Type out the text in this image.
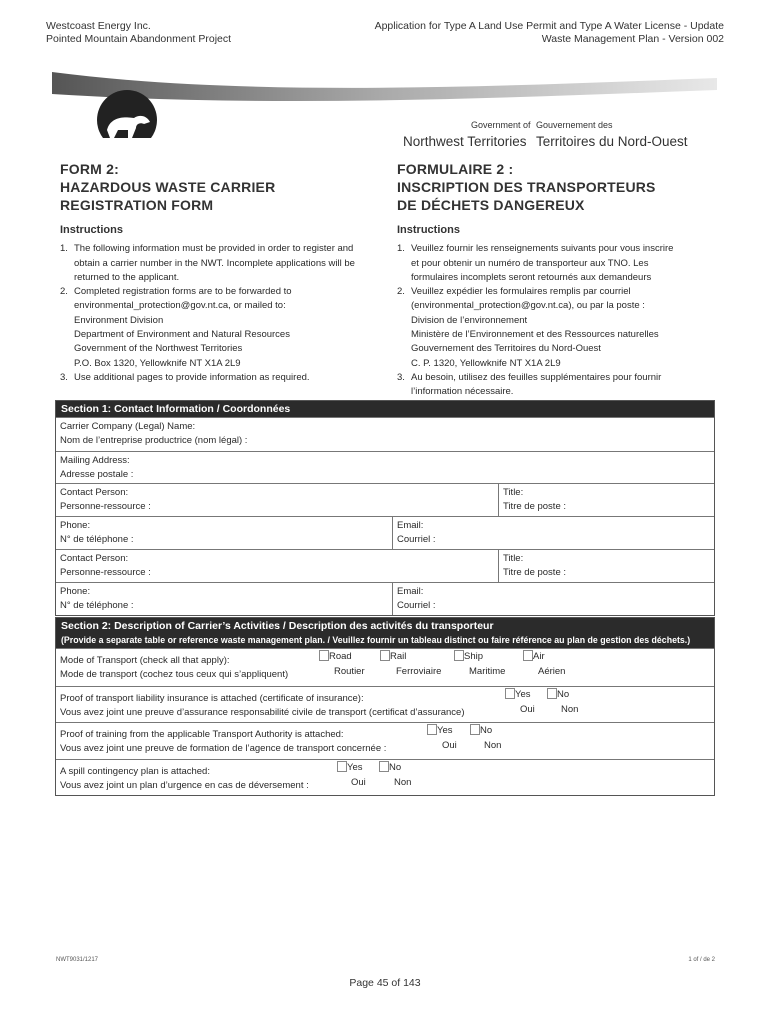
Westcoast Energy Inc.
Pointed Mountain Abandonment Project
Application for Type A Land Use Permit and Type A Water License - Update
Waste Management Plan - Version 002
Government of Gouvernement des
Northwest Territories Territoires du Nord-Ouest
FORM 2:
HAZARDOUS WASTE CARRIER
REGISTRATION FORM
Instructions
1. The following information must be provided in order to register and
obtain a carrier number in the NWT. Incomplete applications will be
returned to the applicant.
2. Completed registration forms are to be forwarded to
environmental_protection@gov.nt.ca, or mailed to:
Environment Division
Department of Environment and Natural Resources
Government of the Northwest Territories
P.O. Box 1320, Yellowknife NT X1A 2L9
3. Use additional pages to provide information as required.
FORMULAIRE 2 :
INSCRIPTION DES TRANSPORTEURS
DE DÉCHETS DANGEREUX
Instructions
1. Veuillez fournir les renseignements suivants pour vous inscrire
et pour obtenir un numéro de transporteur aux TNO. Les
formulaires incomplets seront retournés aux demandeurs
2. Veuillez expédier les formulaires remplis par courriel
(environmental_protection@gov.nt.ca), ou par la poste :
Division de l’environnement
Ministère de l’Environnement et des Ressources naturelles
Gouvernement des Territoires du Nord-Ouest
C. P. 1320, Yellowknife NT X1A 2L9
3. Au besoin, utilisez des feuilles supplémentaires pour fournir
l’information nécessaire.
Section 1: Contact Information / Coordonnées
Carrier Company (Legal) Name:
Nom de l’entreprise productrice (nom légal) :
Mailing Address:
Adresse postale :
Contact Person:
Personne-ressource :
Title:
Titre de poste :
Phone:
N° de téléphone :
Email:
Courriel :
Contact Person:
Personne-ressource :
Title:
Titre de poste :
Phone:
N° de téléphone :
Email:
Courriel :
Section 2: Description of Carrier’s Activities / Description des activités du transporteur
(Provide a separate table or reference waste management plan. / Veuillez fournir un tableau distinct ou faire référence au plan de gestion des déchets.)
Mode of Transport (check all that apply):
Mode de transport (cochez tous ceux qui s’appliquent)
Road
Routier
Rail
Ferroviaire
Ship
Maritime
Air
Aérien
Proof of transport liability insurance is attached (certificate of insurance):
Vous avez joint une preuve d’assurance responsabilité civile de transport (certificat d’assurance)
Yes
Oui
No
Non
Proof of training from the applicable Transport Authority is attached:
Vous avez joint une preuve de formation de l’agence de transport concernée :
Yes
Oui
No
Non
A spill contingency plan is attached:
Vous avez joint un plan d’urgence en cas de déversement :
Yes
Oui
No
Non
NWT9031/1217	1 of / de 2
Page 45 of 143
